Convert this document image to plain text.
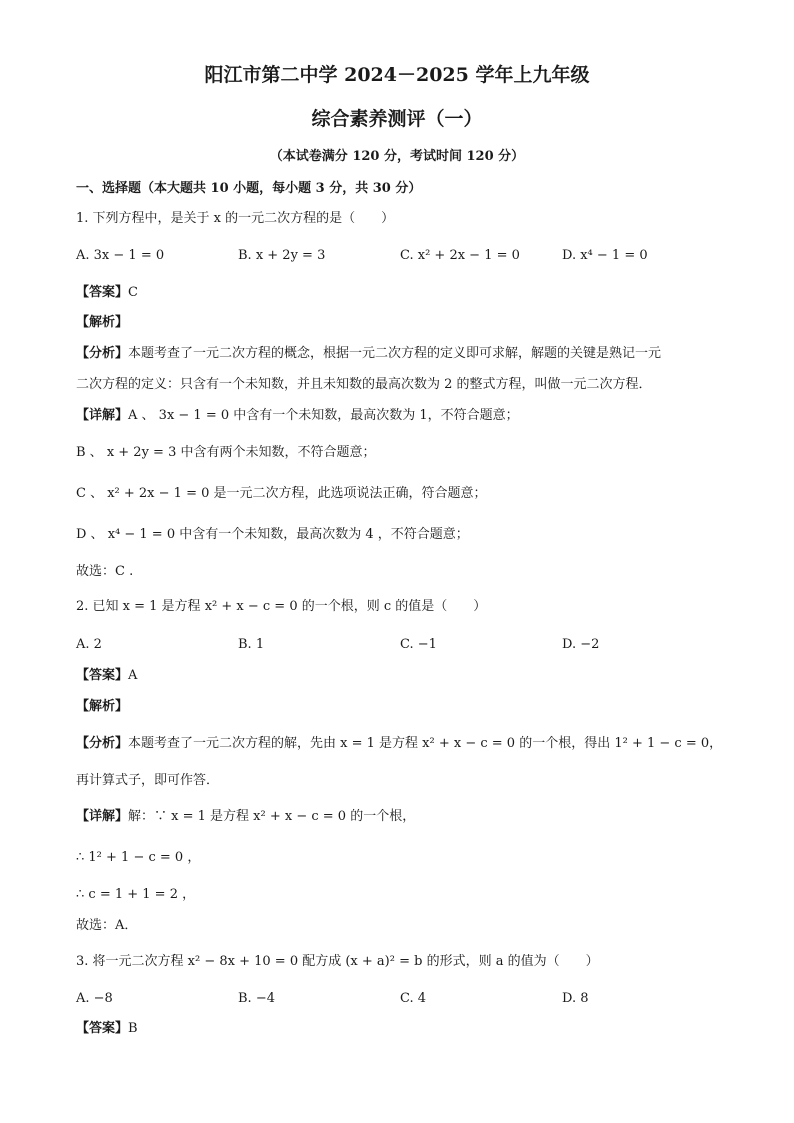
阳江市第二中学 2024－2025 学年上九年级
综合素养测评（一）
（本试卷满分 120 分，考试时间 120 分）
一、选择题（本大题共 10 小题，每小题 3 分，共 30 分）
1. 下列方程中，是关于 x 的一元二次方程的是（　　）
A. 3x − 1 = 0	B. x + 2y = 3	C. x² + 2x − 1 = 0	D. x⁴ − 1 = 0
【答案】C
【解析】
【分析】本题考查了一元二次方程的概念，根据一元二次方程的定义即可求解，解题的关键是熟记一元
二次方程的定义：只含有一个未知数，并且未知数的最高次数为 2 的整式方程，叫做一元二次方程．
【详解】A 、 3x − 1 = 0 中含有一个未知数，最高次数为 1，不符合题意；
B 、 x + 2y = 3 中含有两个未知数，不符合题意；
C 、 x² + 2x − 1 = 0 是一元二次方程，此选项说法正确，符合题意；
D 、 x⁴ − 1 = 0 中含有一个未知数，最高次数为 4 ，不符合题意；
故选：C .
2. 已知 x = 1 是方程 x² + x − c = 0 的一个根，则 c 的值是（　　）
A. 2	B. 1	C. −1	D. −2
【答案】A
【解析】
【分析】本题考查了一元二次方程的解，先由 x = 1 是方程 x² + x − c = 0 的一个根，得出 1² + 1 − c = 0，
再计算式子，即可作答．
【详解】解：∵ x = 1 是方程 x² + x − c = 0 的一个根，
∴ 1² + 1 − c = 0 ，
∴ c = 1 + 1 = 2 ，
故选：A．
3. 将一元二次方程 x² − 8x + 10 = 0 配方成 (x + a)² = b 的形式，则 a 的值为（　　）
A. −8	B. −4	C. 4	D. 8
【答案】B
